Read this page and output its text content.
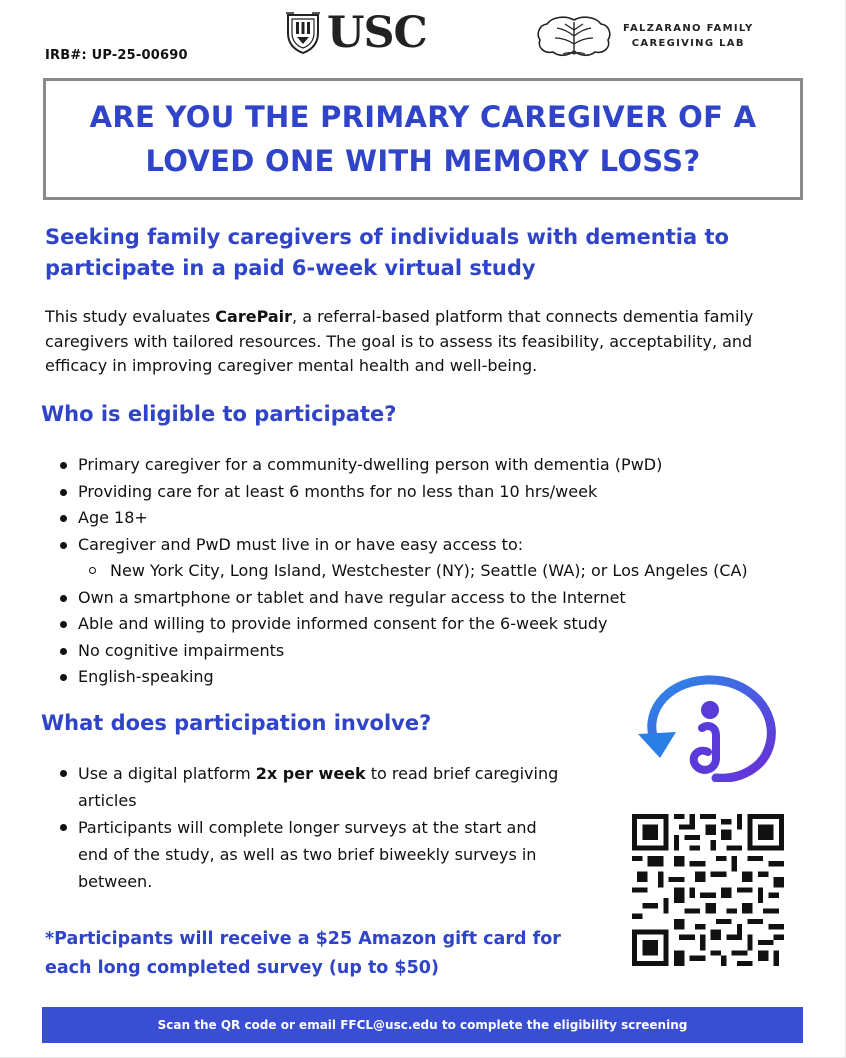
IRB#: UP-25-00690	USC	FALZARANO FAMILY
CAREGIVING LAB
ARE YOU THE PRIMARY CAREGIVER OF A LOVED ONE WITH MEMORY LOSS?
Seeking family caregivers of individuals with dementia to participate in a paid 6-week virtual study

This study evaluates CarePair, a referral-based platform that connects dementia family caregivers with tailored resources. The goal is to assess its feasibility, acceptability, and efficacy in improving caregiver mental health and well-being.

Who is eligible to participate?
Primary caregiver for a community-dwelling person with dementia (PwD)
Providing care for at least 6 months for no less than 10 hrs/week
Age 18+
Caregiver and PwD must live in or have easy access to:
New York City, Long Island, Westchester (NY); Seattle (WA); or Los Angeles (CA)
Own a smartphone or tablet and have regular access to the Internet
Able and willing to provide informed consent for the 6-week study
No cognitive impairments
English-speaking
What does participation involve?
Use a digital platform 2x per week to read brief caregiving articles
Participants will complete longer surveys at the start and end of the study, as well as two brief biweekly surveys in between.
*Participants will receive a $25 Amazon gift card for each long completed survey (up to $50)
Scan the QR code or email FFCL@usc.edu to complete the eligibility screening
